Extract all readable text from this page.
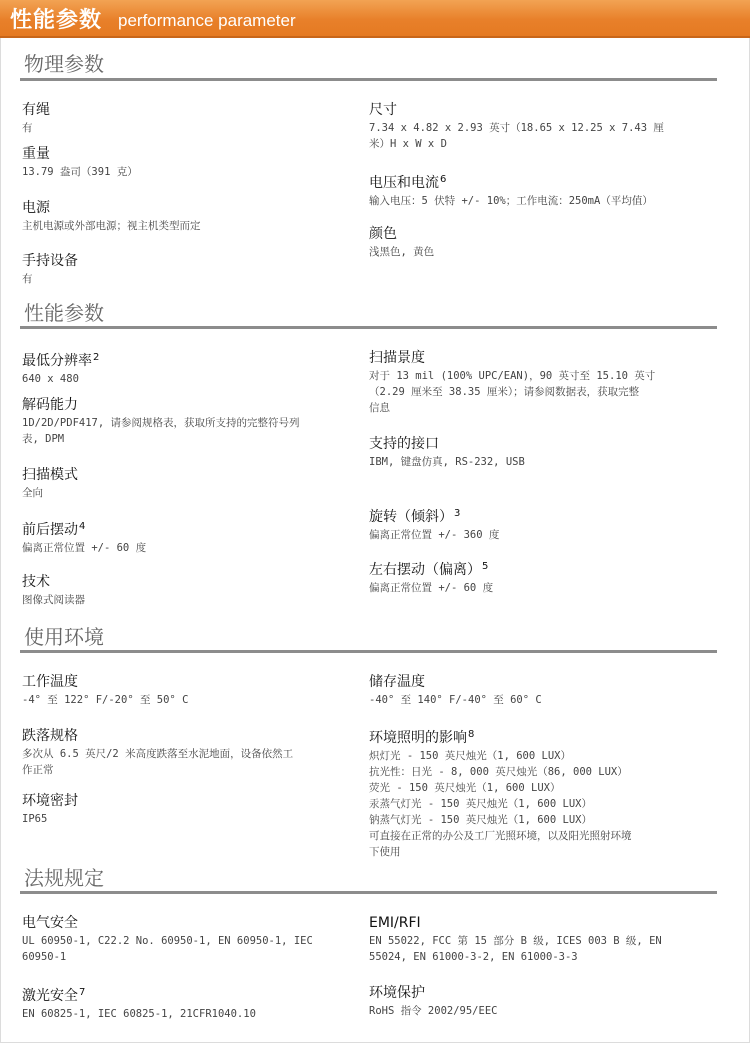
性能参数 performance parameter
物理参数
有绳
有
重量
13.79 盎司（391 克）
电源
主机电源或外部电源；视主机类型而定
手持设备
有
尺寸
7.34 x 4.82 x 2.93 英寸（18.65 x 12.25 x 7.43 厘
米）H x W x D
电压和电流$^6$
输入电压：5 伏特 +/- 10%；工作电流：250mA（平均值）
颜色
浅黑色, 黄色
性能参数
最低分辨率$^2$
640 x 480
解码能力
1D/2D/PDF417, 请参阅规格表，获取所支持的完整符号列
表, DPM
扫描模式
全向
前后摆动$^4$
偏离正常位置 +/- 60 度
技术
图像式阅读器
扫描景度
对于 13 mil (100% UPC/EAN)，90 英寸至 15.10 英寸
（2.29 厘米至 38.35 厘米）；请参阅数据表，获取完整
信息
支持的接口
IBM, 键盘仿真, RS-232, USB
旋转（倾斜）$^3$
偏离正常位置 +/- 360 度
左右摆动（偏离）$^5$
偏离正常位置 +/- 60 度
使用环境
工作温度
-4° 至 122° F/-20° 至 50° C
跌落规格
多次从 6.5 英尺/2 米高度跌落至水泥地面，设备依然工
作正常
环境密封
IP65
储存温度
-40° 至 140° F/-40° 至 60° C
环境照明的影响$^8$
炽灯光 - 150 英尺烛光（1, 600 LUX）
抗光性：日光 - 8, 000 英尺烛光（86, 000 LUX）
荧光 - 150 英尺烛光（1, 600 LUX）
汞蒸气灯光 - 150 英尺烛光（1, 600 LUX）
钠蒸气灯光 - 150 英尺烛光（1, 600 LUX）
可直接在正常的办公及工厂光照环境，以及阳光照射环境
下使用
法规规定
电气安全
UL 60950-1, C22.2 No. 60950-1, EN 60950-1, IEC
60950-1
激光安全$^7$
EN 60825-1, IEC 60825-1, 21CFR1040.10
EMI/RFI
EN 55022, FCC 第 15 部分 B 级, ICES 003 B 级, EN
55024, EN 61000-3-2, EN 61000-3-3
环境保护
RoHS 指令 2002/95/EEC
